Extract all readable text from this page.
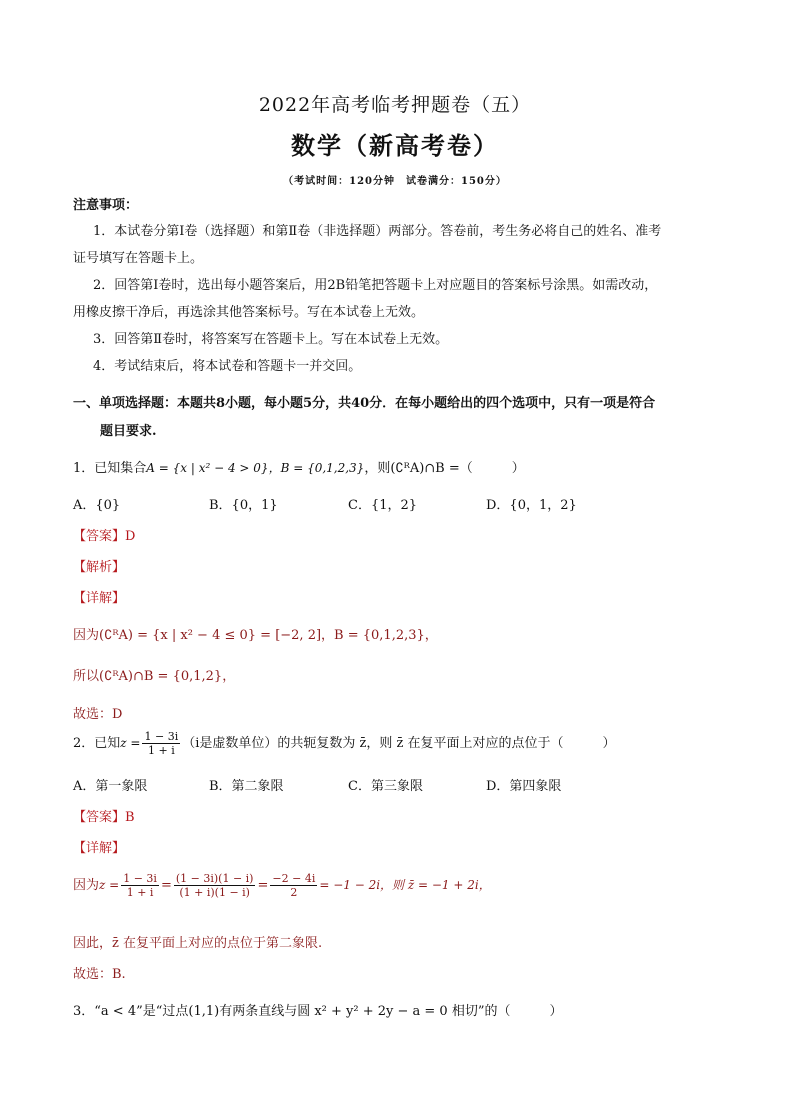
2022年高考临考押题卷（五）
数学（新高考卷）
（考试时间：120分钟　试卷满分：150分）
注意事项：
1．本试卷分第Ⅰ卷（选择题）和第Ⅱ卷（非选择题）两部分。答卷前，考生务必将自己的姓名、准考
证号填写在答题卡上。
2．回答第Ⅰ卷时，选出每小题答案后，用2B铅笔把答题卡上对应题目的答案标号涂黑。如需改动，
用橡皮擦干净后，再选涂其他答案标号。写在本试卷上无效。
3．回答第Ⅱ卷时，将答案写在答题卡上。写在本试卷上无效。
4．考试结束后，将本试卷和答题卡一并交回。
一、单项选择题：本题共8小题，每小题5分，共40分．在每小题给出的四个选项中，只有一项是符合
题目要求.
1．已知集合A = {x | x² − 4 > 0}，B = {0,1,2,3}，则(∁ᴿA)∩B =（　　　）
A．{0}	B．{0，1}	C．{1，2}	D．{0，1，2}
【答案】D
【解析】
【详解】
因为(∁ᴿA) = {x | x² − 4 ≤ 0} = [−2, 2]，B = {0,1,2,3}，
所以(∁ᴿA)∩B = {0,1,2}，
故选：D
2．已知$z = \frac{1 - 3i}{1 + i} (i$是虚数单位）的共轭复数为 z̄，则 z̄ 在复平面上对应的点位于（　　　）
A．第一象限	B．第二象限	C．第三象限	D．第四象限
【答案】B
【详解】
因为$z = \frac{1 - 3i}{1 + i} = \frac{(1 - 3i)(1 - i)}{(1 + i)(1 - i)} = \frac{-2 - 4i}{2} = -1 - 2i$，则 z̄ = −1 + 2i，
因此，z̄ 在复平面上对应的点位于第二象限.
故选：B.
3．“a < 4”是“过点(1,1)有两条直线与圆 x² + y² + 2y − a = 0 相切”的（　　　）
